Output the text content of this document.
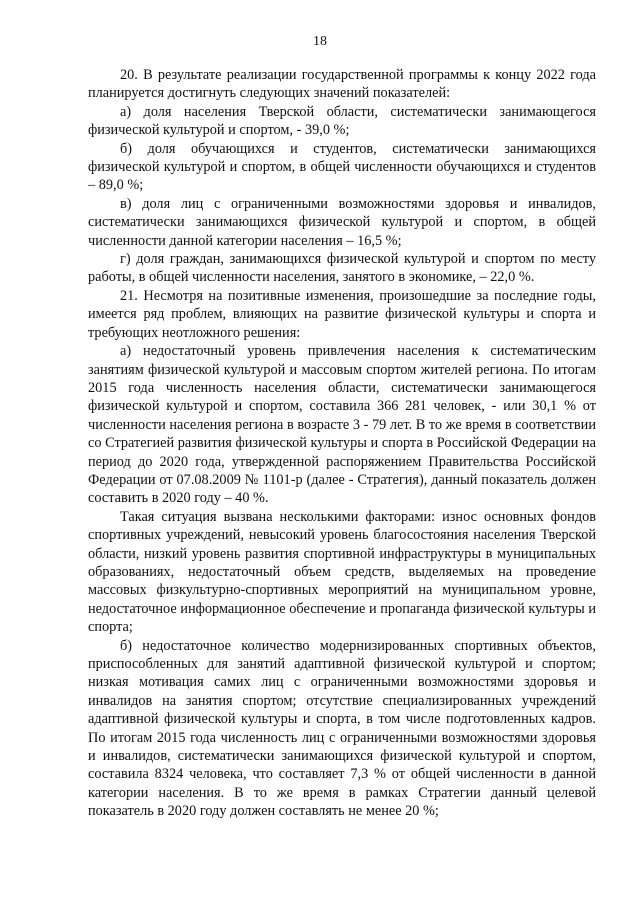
18

20. В результате реализации государственной программы к концу 2022 года планируется достигнуть следующих значений показателей:

а) доля населения Тверской области, систематически занимающегося физической культурой и спортом, - 39,0 %;

б) доля обучающихся и студентов, систематически занимающихся физической культурой и спортом, в общей численности обучающихся и студентов – 89,0 %;

в) доля лиц с ограниченными возможностями здоровья и инвалидов, систематически занимающихся физической культурой и спортом, в общей численности данной категории населения – 16,5 %;

г) доля граждан, занимающихся физической культурой и спортом по месту работы, в общей численности населения, занятого в экономике, – 22,0 %.

21. Несмотря на позитивные изменения, произошедшие за последние годы, имеется ряд проблем, влияющих на развитие физической культуры и спорта и требующих неотложного решения:

а) недостаточный уровень привлечения населения к систематическим занятиям физической культурой и массовым спортом жителей региона. По итогам 2015 года численность населения области, систематически занимающегося физической культурой и спортом, составила 366 281 человек, - или 30,1 % от численности населения региона в возрасте 3 - 79 лет. В то же время в соответствии со Стратегией развития физической культуры и спорта в Российской Федерации на период до 2020 года, утвержденной распоряжением Правительства Российской Федерации от 07.08.2009 № 1101-р (далее - Стратегия), данный показатель должен составить в 2020 году – 40 %.

Такая ситуация вызвана несколькими факторами: износ основных фондов спортивных учреждений, невысокий уровень благосостояния населения Тверской области, низкий уровень развития спортивной инфраструктуры в муниципальных образованиях, недостаточный объем средств, выделяемых на проведение массовых физкультурно-спортивных мероприятий на муниципальном уровне, недостаточное информационное обеспечение и пропаганда физической культуры и спорта;

б) недостаточное количество модернизированных спортивных объектов, приспособленных для занятий адаптивной физической культурой и спортом; низкая мотивация самих лиц с ограниченными возможностями здоровья и инвалидов на занятия спортом; отсутствие специализированных учреждений адаптивной физической культуры и спорта, в том числе подготовленных кадров. По итогам 2015 года численность лиц с ограниченными возможностями здоровья и инвалидов, систематически занимающихся физической культурой и спортом, составила 8324 человека, что составляет 7,3 % от общей численности в данной категории населения. В то же время в рамках Стратегии данный целевой показатель в 2020 году должен составлять не менее 20 %;
